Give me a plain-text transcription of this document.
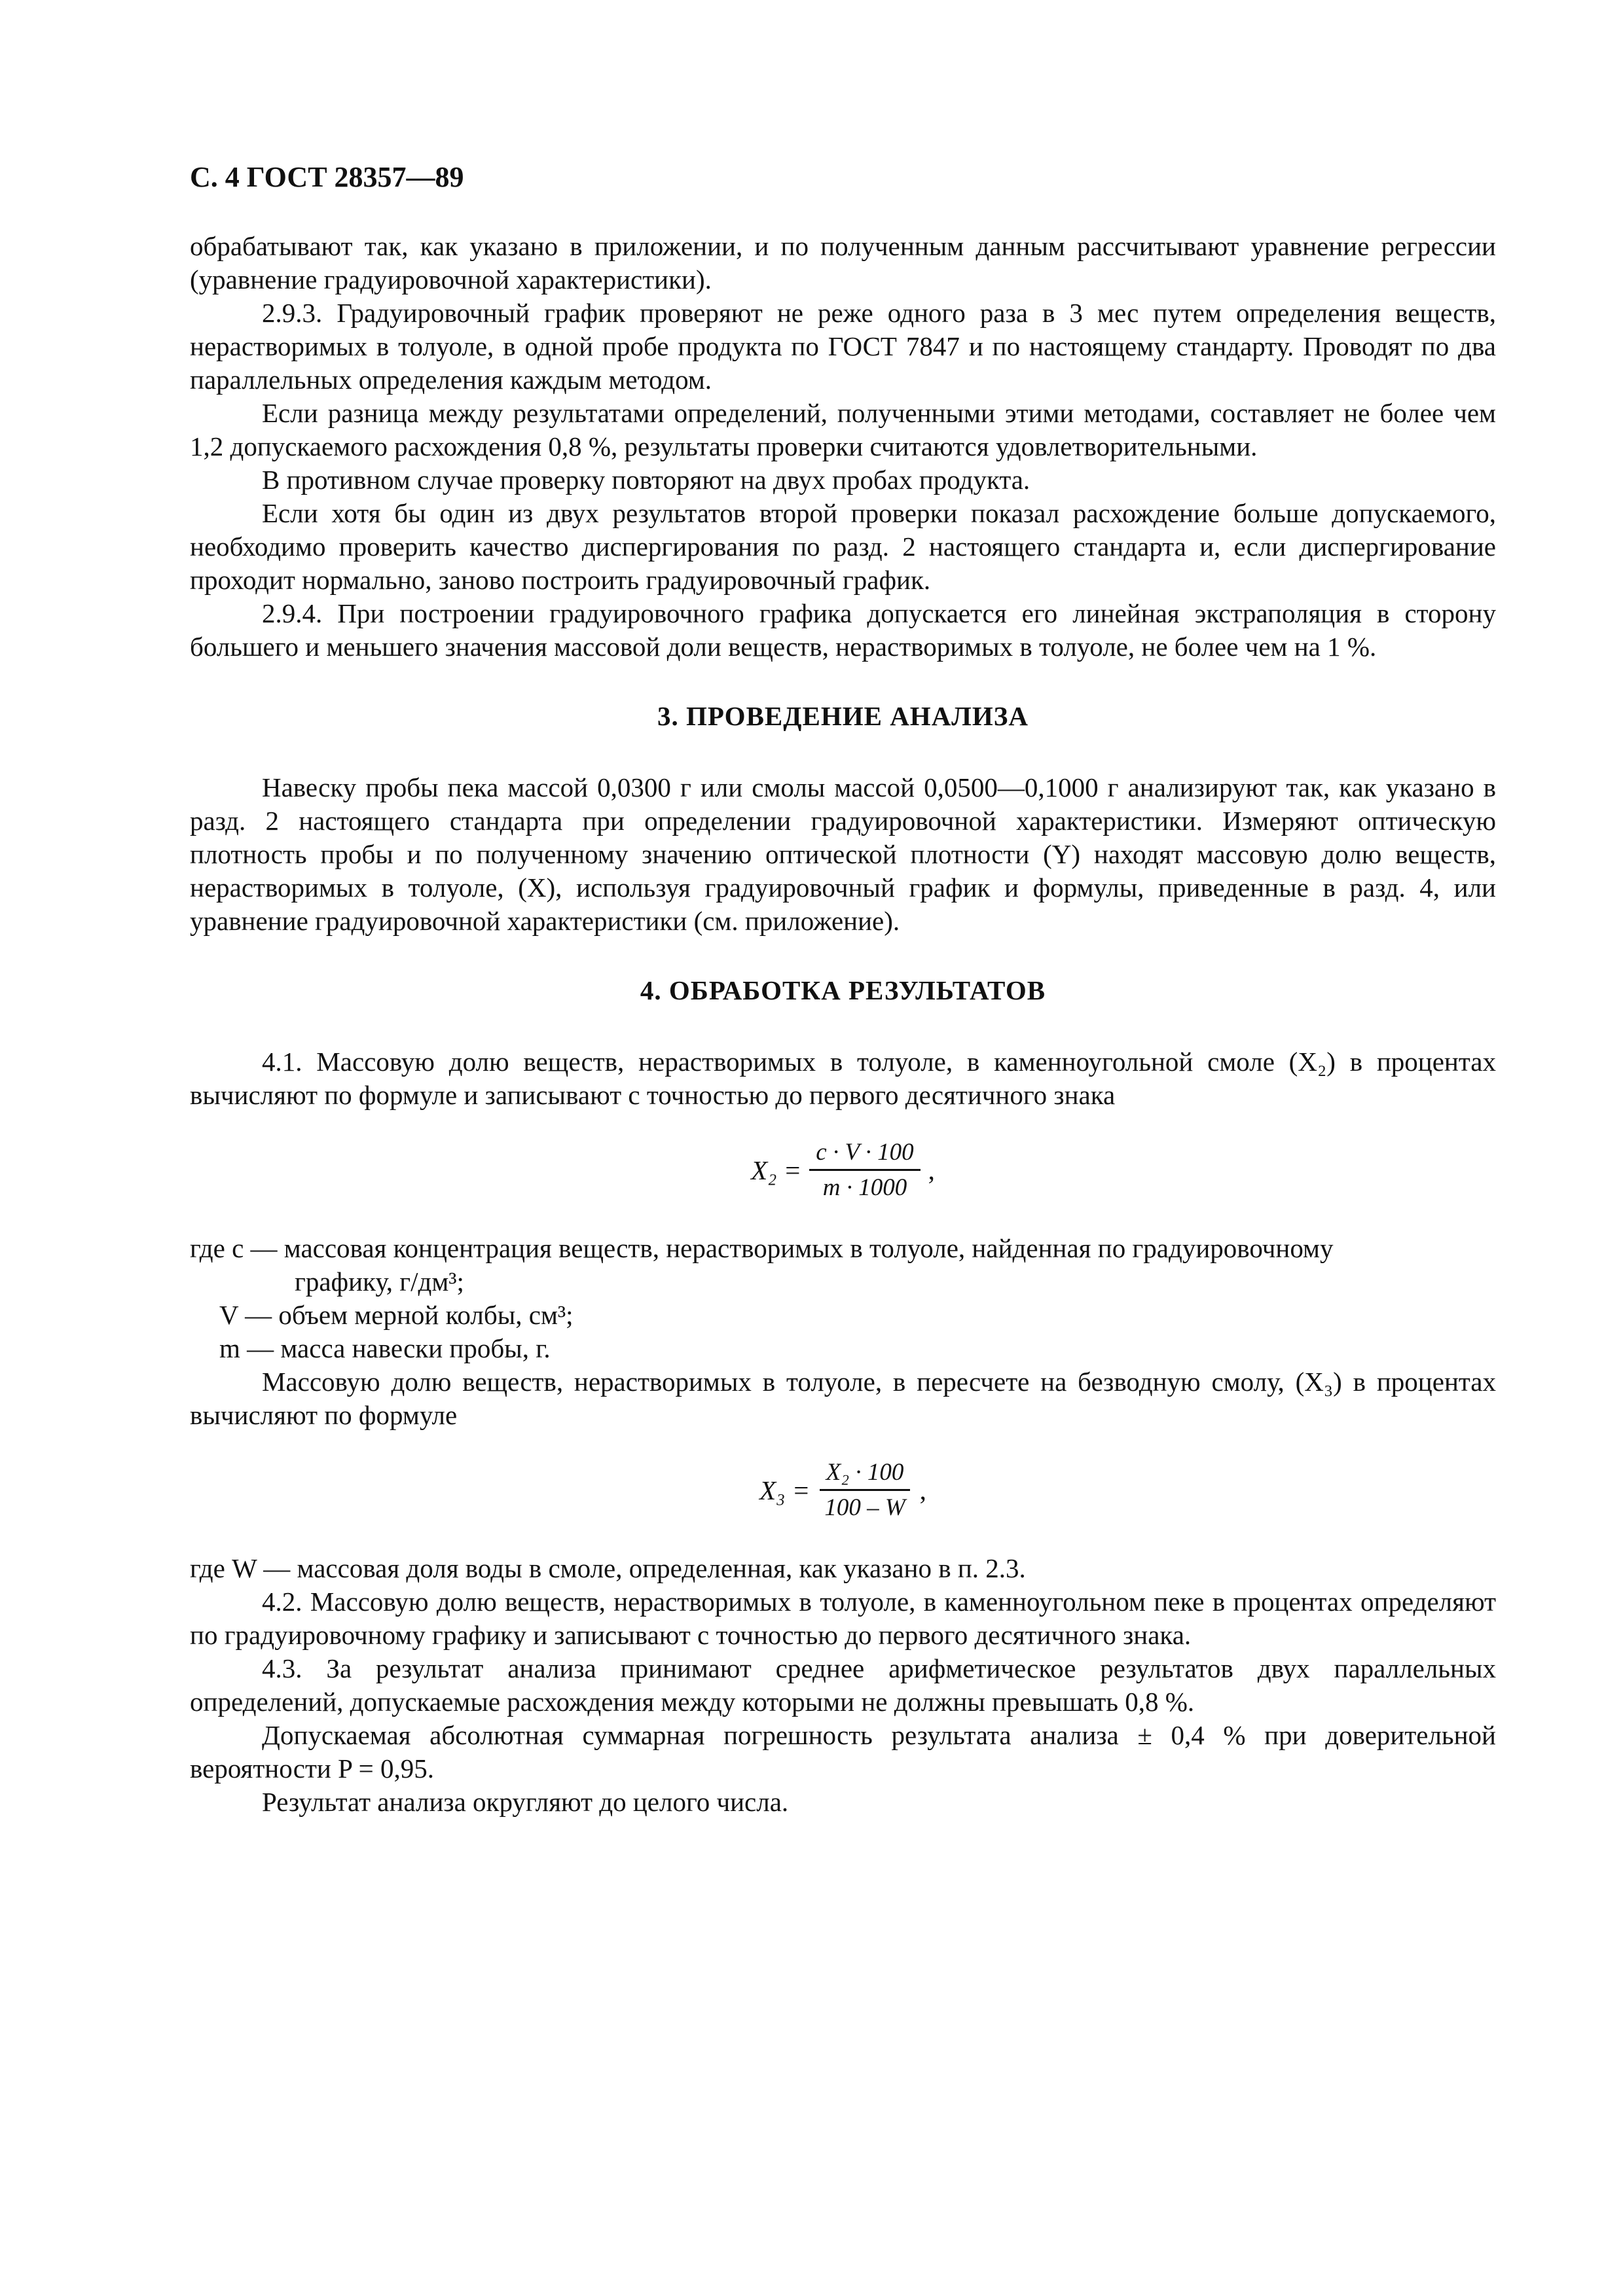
С. 4 ГОСТ 28357—89

обрабатывают так, как указано в приложении, и по полученным данным рассчитывают уравнение регрессии (уравнение градуировочной характеристики).

2.9.3. Градуировочный график проверяют не реже одного раза в 3 мес путем определения веществ, нерастворимых в толуоле, в одной пробе продукта по ГОСТ 7847 и по настоящему стандарту. Проводят по два параллельных определения каждым методом.

Если разница между результатами определений, полученными этими методами, составляет не более чем 1,2 допускаемого расхождения 0,8 %, результаты проверки считаются удовлетворительными.

В противном случае проверку повторяют на двух пробах продукта.

Если хотя бы один из двух результатов второй проверки показал расхождение больше допускаемого, необходимо проверить качество диспергирования по разд. 2 настоящего стандарта и, если диспергирование проходит нормально, заново построить градуировочный график.

2.9.4. При построении градуировочного графика допускается его линейная экстраполяция в сторону большего и меньшего значения массовой доли веществ, нерастворимых в толуоле, не более чем на 1 %.

3. ПРОВЕДЕНИЕ АНАЛИЗА

Навеску пробы пека массой 0,0300 г или смолы массой 0,0500—0,1000 г анализируют так, как указано в разд. 2 настоящего стандарта при определении градуировочной характеристики. Измеряют оптическую плотность пробы и по полученному значению оптической плотности (Y) находят массовую долю веществ, нерастворимых в толуоле, (X), используя градуировочный график и формулы, приведенные в разд. 4, или уравнение градуировочной характеристики (см. приложение).

4. ОБРАБОТКА РЕЗУЛЬТАТОВ

4.1. Массовую долю веществ, нерастворимых в толуоле, в каменноугольной смоле (X₂) в процентах вычисляют по формуле и записывают с точностью до первого десятичного знака

$X_2 = \frac{c \cdot V \cdot 100}{m \cdot 1000}$ ,
где c —
массовая концентрация веществ, нерастворимых в толуоле, найденная по градуировочному
графику, г/дм³;
V — объем мерной колбы, см³;
m — масса навески пробы, г.

Массовую долю веществ, нерастворимых в толуоле, в пересчете на безводную смолу, (X₃) в процентах вычисляют по формуле

$X_3 = \frac{\text{X₂ · 100}}{100 - W}$ ,

где W — массовая доля воды в смоле, определенная, как указано в п. 2.3.

4.2. Массовую долю веществ, нерастворимых в толуоле, в каменноугольном пеке в процентах определяют по градуировочному графику и записывают с точностью до первого десятичного знака.

4.3. За результат анализа принимают среднее арифметическое результатов двух параллельных определений, допускаемые расхождения между которыми не должны превышать 0,8 %.

Допускаемая абсолютная суммарная погрешность результата анализа ± 0,4 % при доверительной вероятности P = 0,95.

Результат анализа округляют до целого числа.
